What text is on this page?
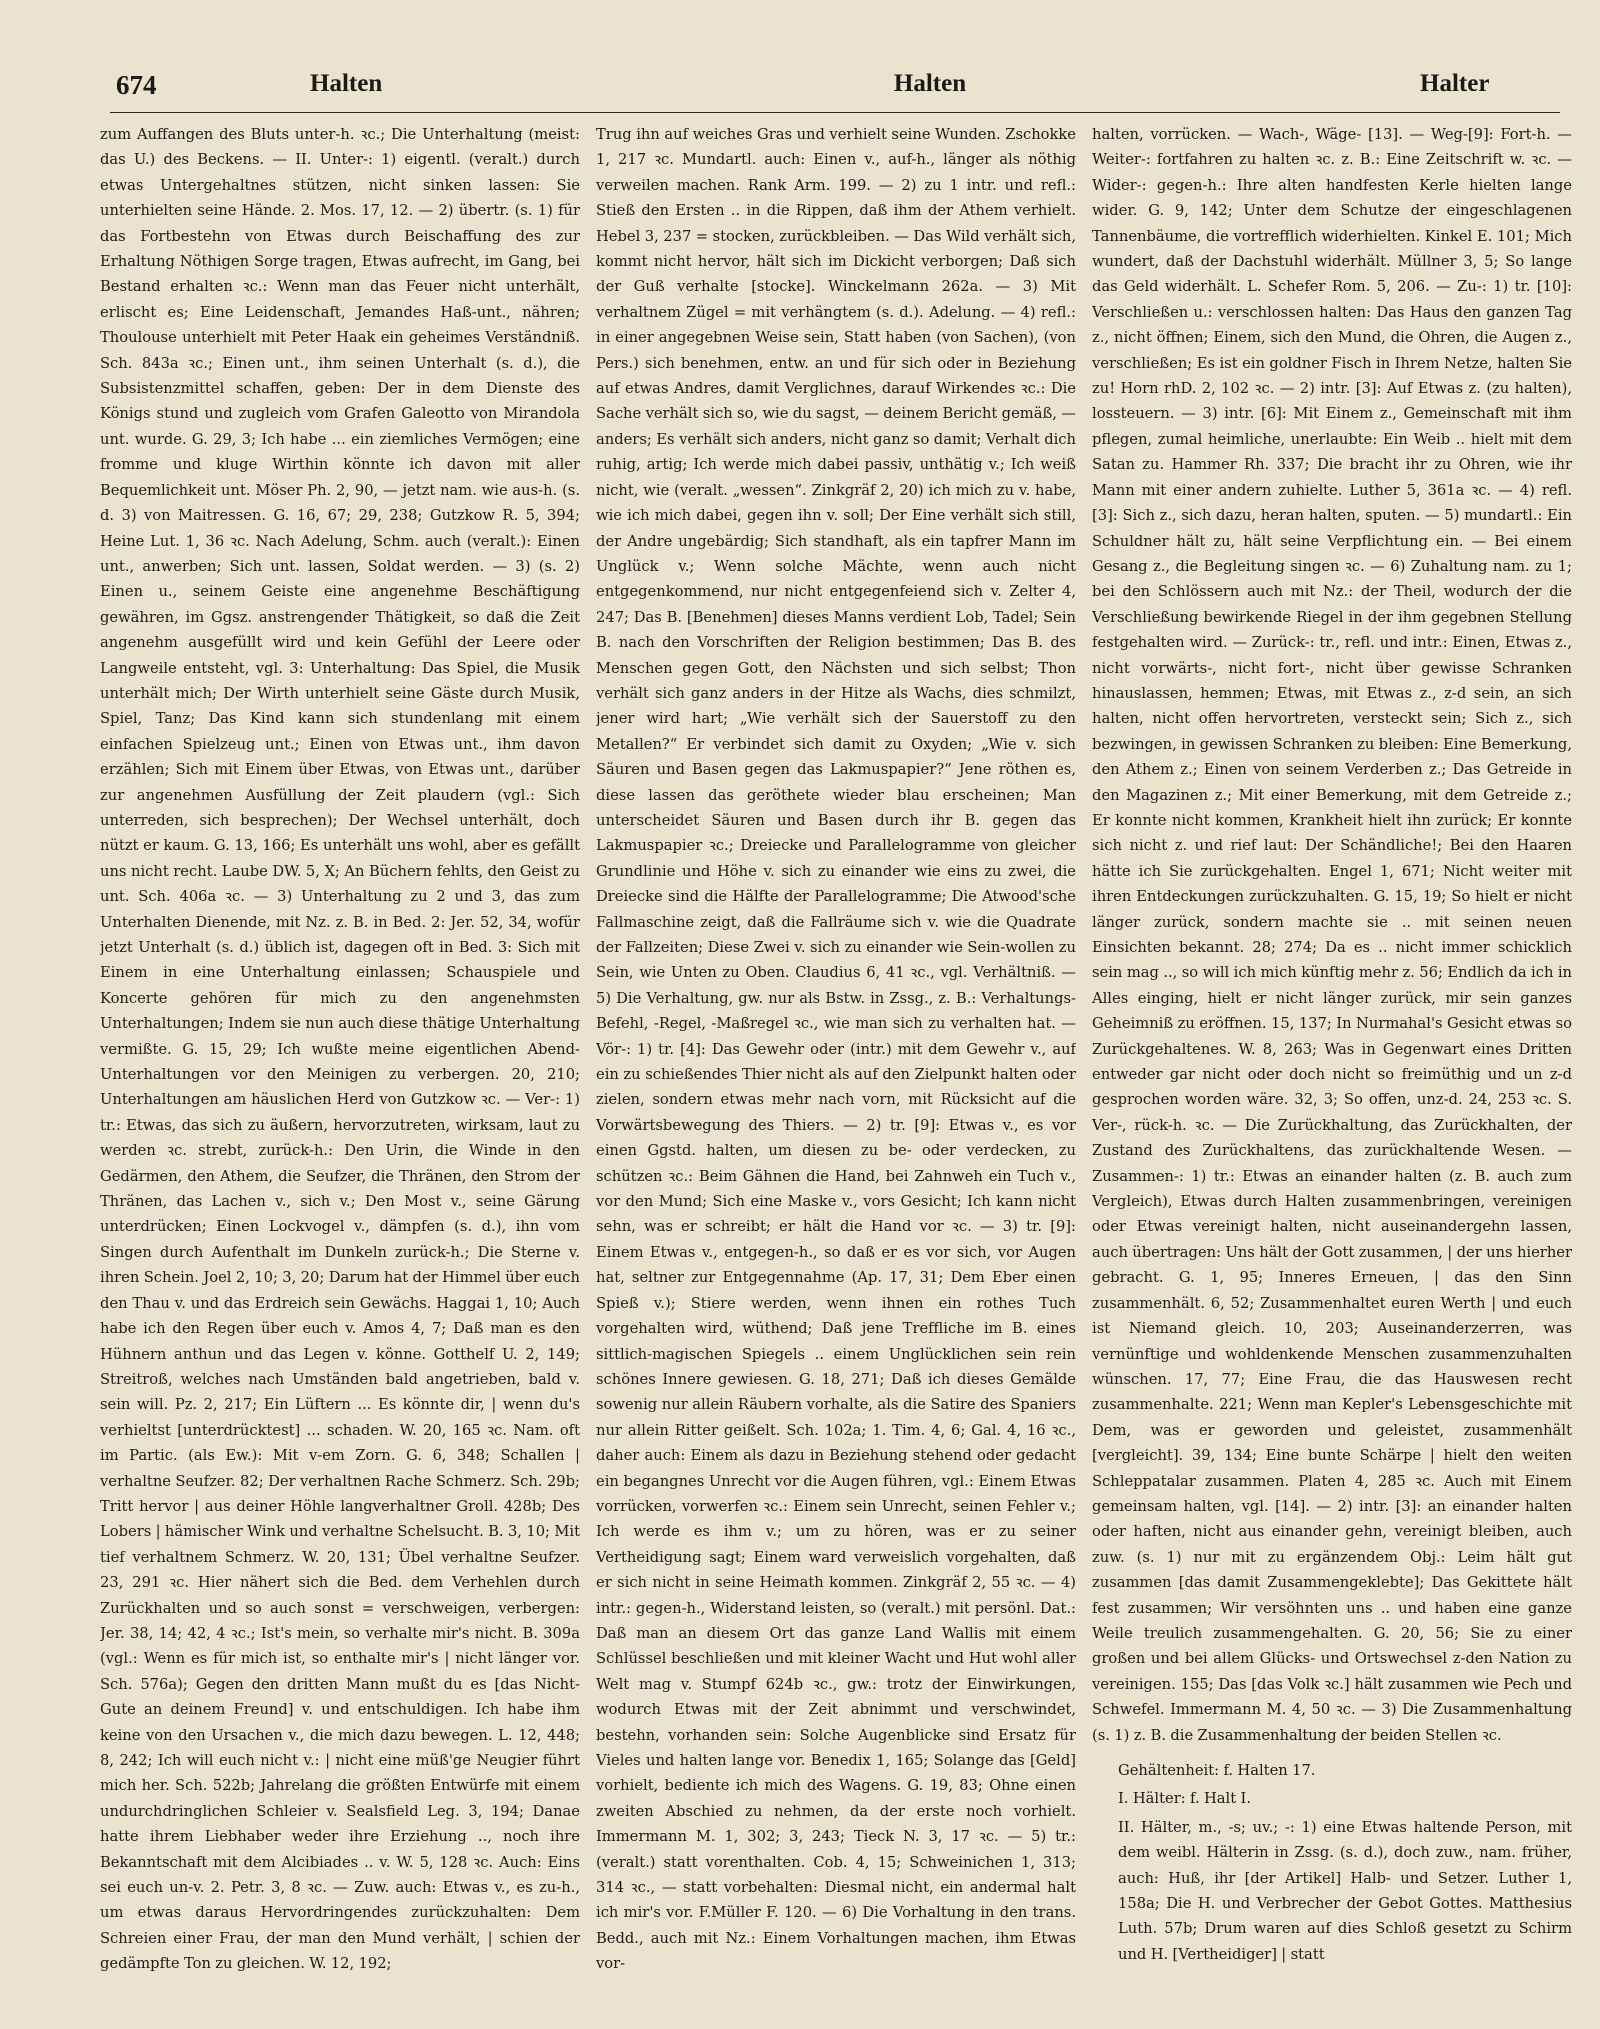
674	Halten	Halten	Halter

zum Auffangen des Bluts unter-h. ꝛc.; Die Unterhaltung (meist: das U.) des Beckens. — II. Unter-: 1) eigentl. (veralt.) durch etwas Untergehaltnes stützen, nicht sinken lassen: Sie unterhielten seine Hände. 2. Mos. 17, 12. — 2) übertr. (s. 1) für das Fortbestehn von Etwas durch Beischaffung des zur Erhaltung Nöthigen Sorge tragen, Etwas aufrecht, im Gang, bei Bestand erhalten ꝛc.: Wenn man das Feuer nicht unterhält, erlischt es; Eine Leidenschaft, Jemandes Haß-unt., nähren; Thoulouse unterhielt mit Peter Haak ein geheimes Verständniß. Sch. 843a ꝛc.; Einen unt., ihm seinen Unterhalt (s. d.), die Subsistenzmittel schaffen, geben: Der in dem Dienste des Königs stund und zugleich vom Grafen Galeotto von Mirandola unt. wurde. G. 29, 3; Ich habe ... ein ziemliches Vermögen; eine fromme und kluge Wirthin könnte ich davon mit aller Bequemlichkeit unt. Möser Ph. 2, 90, — jetzt nam. wie aus-h. (s. d. 3) von Maitressen. G. 16, 67; 29, 238; Gutzkow R. 5, 394; Heine Lut. 1, 36 ꝛc. Nach Adelung, Schm. auch (veralt.): Einen unt., anwerben; Sich unt. lassen, Soldat werden. — 3) (s. 2) Einen u., seinem Geiste eine angenehme Beschäftigung gewähren, im Ggsz. anstrengender Thätigkeit, so daß die Zeit angenehm ausgefüllt wird und kein Gefühl der Leere oder Langweile entsteht, vgl. 3: Unterhaltung: Das Spiel, die Musik unterhält mich; Der Wirth unterhielt seine Gäste durch Musik, Spiel, Tanz; Das Kind kann sich stundenlang mit einem einfachen Spielzeug unt.; Einen von Etwas unt., ihm davon erzählen; Sich mit Einem über Etwas, von Etwas unt., darüber zur angenehmen Ausfüllung der Zeit plaudern (vgl.: Sich unterreden, sich besprechen); Der Wechsel unterhält, doch nützt er kaum. G. 13, 166; Es unterhält uns wohl, aber es gefällt uns nicht recht. Laube DW. 5, X; An Büchern fehlts, den Geist zu unt. Sch. 406a ꝛc. — 3) Unterhaltung zu 2 und 3, das zum Unterhalten Dienende, mit Nz. z. B. in Bed. 2: Jer. 52, 34, wofür jetzt Unterhalt (s. d.) üblich ist, dagegen oft in Bed. 3: Sich mit Einem in eine Unterhaltung einlassen; Schauspiele und Koncerte gehören für mich zu den angenehmsten Unterhaltungen; Indem sie nun auch diese thätige Unterhaltung vermißte. G. 15, 29; Ich wußte meine eigentlichen Abend-Unterhaltungen vor den Meinigen zu verbergen. 20, 210; Unterhaltungen am häuslichen Herd von Gutzkow ꝛc. — Ver-: 1) tr.: Etwas, das sich zu äußern, hervorzutreten, wirksam, laut zu werden ꝛc. strebt, zurück-h.: Den Urin, die Winde in den Gedärmen, den Athem, die Seufzer, die Thränen, den Strom der Thränen, das Lachen v., sich v.; Den Most v., seine Gärung unterdrücken; Einen Lockvogel v., dämpfen (s. d.), ihn vom Singen durch Aufenthalt im Dunkeln zurück-h.; Die Sterne v. ihren Schein. Joel 2, 10; 3, 20; Darum hat der Himmel über euch den Thau v. und das Erdreich sein Gewächs. Haggai 1, 10; Auch habe ich den Regen über euch v. Amos 4, 7; Daß man es den Hühnern anthun und das Legen v. könne. Gotthelf U. 2, 149; Streitroß, welches nach Umständen bald angetrieben, bald v. sein will. Pz. 2, 217; Ein Lüftern ... Es könnte dir, | wenn du's verhieltst [unterdrücktest] ... schaden. W. 20, 165 ꝛc. Nam. oft im Partic. (als Ew.): Mit v-em Zorn. G. 6, 348; Schallen | verhaltne Seufzer. 82; Der verhaltnen Rache Schmerz. Sch. 29b; Tritt hervor | aus deiner Höhle langverhaltner Groll. 428b; Des Lobers | hämischer Wink und verhaltne Schelsucht. B. 3, 10; Mit tief verhaltnem Schmerz. W. 20, 131; Übel verhaltne Seufzer. 23, 291 ꝛc. Hier nähert sich die Bed. dem Verhehlen durch Zurückhalten und so auch sonst = verschweigen, verbergen: Jer. 38, 14; 42, 4 ꝛc.; Ist's mein, so verhalte mir's nicht. B. 309a (vgl.: Wenn es für mich ist, so enthalte mir's | nicht länger vor. Sch. 576a); Gegen den dritten Mann mußt du es [das Nicht-Gute an deinem Freund] v. und entschuldigen. Ich habe ihm keine von den Ursachen v., die mich dazu bewegen. L. 12, 448; 8, 242; Ich will euch nicht v.: | nicht eine müß'ge Neugier führt mich her. Sch. 522b; Jahrelang die größten Entwürfe mit einem undurchdringlichen Schleier v. Sealsfield Leg. 3, 194; Danae hatte ihrem Liebhaber weder ihre Erziehung .., noch ihre Bekanntschaft mit dem Alcibiades .. v. W. 5, 128 ꝛc. Auch: Eins sei euch un-v. 2. Petr. 3, 8 ꝛc. — Zuw. auch: Etwas v., es zu-h., um etwas daraus Hervordringendes zurückzuhalten: Dem Schreien einer Frau, der man den Mund verhält, | schien der gedämpfte Ton zu gleichen. W. 12, 192;

Trug ihn auf weiches Gras und verhielt seine Wunden. Zschokke 1, 217 ꝛc. Mundartl. auch: Einen v., auf-h., länger als nöthig verweilen machen. Rank Arm. 199. — 2) zu 1 intr. und refl.: Stieß den Ersten .. in die Rippen, daß ihm der Athem verhielt. Hebel 3, 237 = stocken, zurückbleiben. — Das Wild verhält sich, kommt nicht hervor, hält sich im Dickicht verborgen; Daß sich der Guß verhalte [stocke]. Winckelmann 262a. — 3) Mit verhaltnem Zügel = mit verhängtem (s. d.). Adelung. — 4) refl.: in einer angegebnen Weise sein, Statt haben (von Sachen), (von Pers.) sich benehmen, entw. an und für sich oder in Beziehung auf etwas Andres, damit Verglichnes, darauf Wirkendes ꝛc.: Die Sache verhält sich so, wie du sagst, — deinem Bericht gemäß, — anders; Es verhält sich anders, nicht ganz so damit; Verhalt dich ruhig, artig; Ich werde mich dabei passiv, unthätig v.; Ich weiß nicht, wie (veralt. „wessen“. Zinkgräf 2, 20) ich mich zu v. habe, wie ich mich dabei, gegen ihn v. soll; Der Eine verhält sich still, der Andre ungebärdig; Sich standhaft, als ein tapfrer Mann im Unglück v.; Wenn solche Mächte, wenn auch nicht entgegenkommend, nur nicht entgegenfeiend sich v. Zelter 4, 247; Das B. [Benehmen] dieses Manns verdient Lob, Tadel; Sein B. nach den Vorschriften der Religion bestimmen; Das B. des Menschen gegen Gott, den Nächsten und sich selbst; Thon verhält sich ganz anders in der Hitze als Wachs, dies schmilzt, jener wird hart; „Wie verhält sich der Sauerstoff zu den Metallen?“ Er verbindet sich damit zu Oxyden; „Wie v. sich Säuren und Basen gegen das Lakmuspapier?“ Jene röthen es, diese lassen das geröthete wieder blau erscheinen; Man unterscheidet Säuren und Basen durch ihr B. gegen das Lakmuspapier ꝛc.; Dreiecke und Parallelogramme von gleicher Grundlinie und Höhe v. sich zu einander wie eins zu zwei, die Dreiecke sind die Hälfte der Parallelogramme; Die Atwood'sche Fallmaschine zeigt, daß die Fallräume sich v. wie die Quadrate der Fallzeiten; Diese Zwei v. sich zu einander wie Sein-wollen zu Sein, wie Unten zu Oben. Claudius 6, 41 ꝛc., vgl. Verhältniß. — 5) Die Verhaltung, gw. nur als Bstw. in Zssg., z. B.: Verhaltungs-Befehl, -Regel, -Maßregel ꝛc., wie man sich zu verhalten hat. — Vör-: 1) tr. [4]: Das Gewehr oder (intr.) mit dem Gewehr v., auf ein zu schießendes Thier nicht als auf den Zielpunkt halten oder zielen, sondern etwas mehr nach vorn, mit Rücksicht auf die Vorwärtsbewegung des Thiers. — 2) tr. [9]: Etwas v., es vor einen Ggstd. halten, um diesen zu be- oder verdecken, zu schützen ꝛc.: Beim Gähnen die Hand, bei Zahnweh ein Tuch v., vor den Mund; Sich eine Maske v., vors Gesicht; Ich kann nicht sehn, was er schreibt; er hält die Hand vor ꝛc. — 3) tr. [9]: Einem Etwas v., entgegen-h., so daß er es vor sich, vor Augen hat, seltner zur Entgegennahme (Ap. 17, 31; Dem Eber einen Spieß v.); Stiere werden, wenn ihnen ein rothes Tuch vorgehalten wird, wüthend; Daß jene Treffliche im B. eines sittlich-magischen Spiegels .. einem Unglücklichen sein rein schönes Innere gewiesen. G. 18, 271; Daß ich dieses Gemälde sowenig nur allein Räubern vorhalte, als die Satire des Spaniers nur allein Ritter geißelt. Sch. 102a; 1. Tim. 4, 6; Gal. 4, 16 ꝛc., daher auch: Einem als dazu in Beziehung stehend oder gedacht ein begangnes Unrecht vor die Augen führen, vgl.: Einem Etwas vorrücken, vorwerfen ꝛc.: Einem sein Unrecht, seinen Fehler v.; Ich werde es ihm v.; um zu hören, was er zu seiner Vertheidigung sagt; Einem ward verweislich vorgehalten, daß er sich nicht in seine Heimath kommen. Zinkgräf 2, 55 ꝛc. — 4) intr.: gegen-h., Widerstand leisten, so (veralt.) mit persönl. Dat.: Daß man an diesem Ort das ganze Land Wallis mit einem Schlüssel beschließen und mit kleiner Wacht und Hut wohl aller Welt mag v. Stumpf 624b ꝛc., gw.: trotz der Einwirkungen, wodurch Etwas mit der Zeit abnimmt und verschwindet, bestehn, vorhanden sein: Solche Augenblicke sind Ersatz für Vieles und halten lange vor. Benedix 1, 165; Solange das [Geld] vorhielt, bediente ich mich des Wagens. G. 19, 83; Ohne einen zweiten Abschied zu nehmen, da der erste noch vorhielt. Immermann M. 1, 302; 3, 243; Tieck N. 3, 17 ꝛc. — 5) tr.: (veralt.) statt vorenthalten. Cob. 4, 15; Schweinichen 1, 313; 314 ꝛc., — statt vorbehalten: Diesmal nicht, ein andermal halt ich mir's vor. F.Müller F. 120. — 6) Die Vorhaltung in den trans. Bedd., auch mit Nz.: Einem Vorhaltungen machen, ihm Etwas vor-

halten, vorrücken. — Wach-, Wäge- [13]. — Weg-[9]: Fort-h. — Weiter-: fortfahren zu halten ꝛc. z. B.: Eine Zeitschrift w. ꝛc. — Wider-: gegen-h.: Ihre alten handfesten Kerle hielten lange wider. G. 9, 142; Unter dem Schutze der eingeschlagenen Tannenbäume, die vortrefflich widerhielten. Kinkel E. 101; Mich wundert, daß der Dachstuhl widerhält. Müllner 3, 5; So lange das Geld widerhält. L. Schefer Rom. 5, 206. — Zu-: 1) tr. [10]: Verschließen u.: verschlossen halten: Das Haus den ganzen Tag z., nicht öffnen; Einem, sich den Mund, die Ohren, die Augen z., verschließen; Es ist ein goldner Fisch in Ihrem Netze, halten Sie zu! Horn rhD. 2, 102 ꝛc. — 2) intr. [3]: Auf Etwas z. (zu halten), lossteuern. — 3) intr. [6]: Mit Einem z., Gemeinschaft mit ihm pflegen, zumal heimliche, unerlaubte: Ein Weib .. hielt mit dem Satan zu. Hammer Rh. 337; Die bracht ihr zu Ohren, wie ihr Mann mit einer andern zuhielte. Luther 5, 361a ꝛc. — 4) refl. [3]: Sich z., sich dazu, heran halten, sputen. — 5) mundartl.: Ein Schuldner hält zu, hält seine Verpflichtung ein. — Bei einem Gesang z., die Begleitung singen ꝛc. — 6) Zuhaltung nam. zu 1; bei den Schlössern auch mit Nz.: der Theil, wodurch der die Verschließung bewirkende Riegel in der ihm gegebnen Stellung festgehalten wird. — Zurück-: tr., refl. und intr.: Einen, Etwas z., nicht vorwärts-, nicht fort-, nicht über gewisse Schranken hinauslassen, hemmen; Etwas, mit Etwas z., z-d sein, an sich halten, nicht offen hervortreten, versteckt sein; Sich z., sich bezwingen, in gewissen Schranken zu bleiben: Eine Bemerkung, den Athem z.; Einen von seinem Verderben z.; Das Getreide in den Magazinen z.; Mit einer Bemerkung, mit dem Getreide z.; Er konnte nicht kommen, Krankheit hielt ihn zurück; Er konnte sich nicht z. und rief laut: Der Schändliche!; Bei den Haaren hätte ich Sie zurückgehalten. Engel 1, 671; Nicht weiter mit ihren Entdeckungen zurückzuhalten. G. 15, 19; So hielt er nicht länger zurück, sondern machte sie .. mit seinen neuen Einsichten bekannt. 28; 274; Da es .. nicht immer schicklich sein mag .., so will ich mich künftig mehr z. 56; Endlich da ich in Alles einging, hielt er nicht länger zurück, mir sein ganzes Geheimniß zu eröffnen. 15, 137; In Nurmahal's Gesicht etwas so Zurückgehaltenes. W. 8, 263; Was in Gegenwart eines Dritten entweder gar nicht oder doch nicht so freimüthig und un z-d gesprochen worden wäre. 32, 3; So offen, unz-d. 24, 253 ꝛc. S. Ver-, rück-h. ꝛc. — Die Zurückhaltung, das Zurückhalten, der Zustand des Zurückhaltens, das zurückhaltende Wesen. — Zusammen-: 1) tr.: Etwas an einander halten (z. B. auch zum Vergleich), Etwas durch Halten zusammenbringen, vereinigen oder Etwas vereinigt halten, nicht auseinandergehn lassen, auch übertragen: Uns hält der Gott zusammen, | der uns hierher gebracht. G. 1, 95; Inneres Erneuen, | das den Sinn zusammenhält. 6, 52; Zusammenhaltet euren Werth | und euch ist Niemand gleich. 10, 203; Auseinanderzerren, was vernünftige und wohldenkende Menschen zusammenzuhalten wünschen. 17, 77; Eine Frau, die das Hauswesen recht zusammenhalte. 221; Wenn man Kepler's Lebensgeschichte mit Dem, was er geworden und geleistet, zusammenhält [vergleicht]. 39, 134; Eine bunte Schärpe | hielt den weiten Schleppatalar zusammen. Platen 4, 285 ꝛc. Auch mit Einem gemeinsam halten, vgl. [14]. — 2) intr. [3]: an einander halten oder haften, nicht aus einander gehn, vereinigt bleiben, auch zuw. (s. 1) nur mit zu ergänzendem Obj.: Leim hält gut zusammen [das damit Zusammengeklebte]; Das Gekittete hält fest zusammen; Wir versöhnten uns .. und haben eine ganze Weile treulich zusammengehalten. G. 20, 56; Sie zu einer großen und bei allem Glücks- und Ortswechsel z-den Nation zu vereinigen. 155; Das [das Volk ꝛc.] hält zusammen wie Pech und Schwefel. Immermann M. 4, 50 ꝛc. — 3) Die Zusammenhaltung (s. 1) z. B. die Zusammenhaltung der beiden Stellen ꝛc.

Gehältenheit: f. Halten 17.

I. Hälter: f. Halt I.

II. Hälter, m., -s; uv.; -: 1) eine Etwas haltende Person, mit dem weibl. Hälterin in Zssg. (s. d.), doch zuw., nam. früher, auch: Huß, ihr [der Artikel] Halb- und Setzer. Luther 1, 158a; Die H. und Verbrecher der Gebot Gottes. Matthesius Luth. 57b; Drum waren auf dies Schloß gesetzt zu Schirm und H. [Vertheidiger] | statt
